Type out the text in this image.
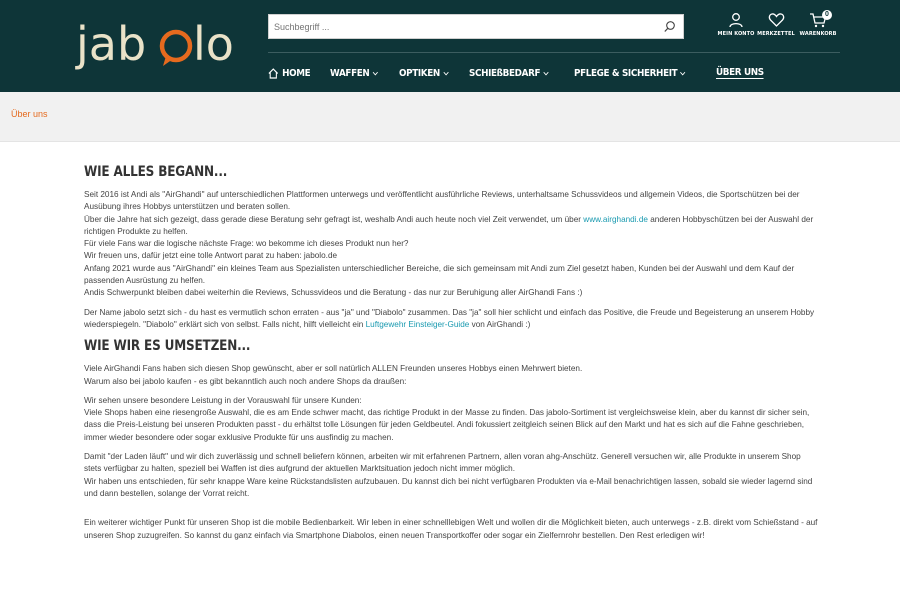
jab lo
Suchbegriff ...	MEIN KONTO MERKZETTEL
0
WARENKORB
HOME WAFFEN	OPTIKEN	SCHIEßBEDARF	PFLEGE & SICHERHEIT	ÜBER UNS
Über uns
WIE ALLES BEGANN...

Seit 2016 ist Andi als "AirGhandi" auf unterschiedlichen Plattformen unterwegs und veröffentlicht ausführliche Reviews, unterhaltsame Schussvideos und allgemein Videos, die Sportschützen bei der Ausübung ihres Hobbys unterstützen und beraten sollen.
Über die Jahre hat sich gezeigt, dass gerade diese Beratung sehr gefragt ist, weshalb Andi auch heute noch viel Zeit verwendet, um über www.airghandi.de anderen Hobbyschützen bei der Auswahl der richtigen Produkte zu helfen.
Für viele Fans war die logische nächste Frage: wo bekomme ich dieses Produkt nun her?
Wir freuen uns, dafür jetzt eine tolle Antwort parat zu haben: jabolo.de
Anfang 2021 wurde aus "AirGhandi" ein kleines Team aus Spezialisten unterschiedlicher Bereiche, die sich gemeinsam mit Andi zum Ziel gesetzt haben, Kunden bei der Auswahl und dem Kauf der passenden Ausrüstung zu helfen.
Andis Schwerpunkt bleiben dabei weiterhin die Reviews, Schussvideos und die Beratung - das nur zur Beruhigung aller AirGhandi Fans :)

Der Name jabolo setzt sich - du hast es vermutlich schon erraten - aus "ja" und "Diabolo" zusammen. Das "ja" soll hier schlicht und einfach das Positive, die Freude und Begeisterung an unserem Hobby wiederspiegeln. "Diabolo" erklärt sich von selbst. Falls nicht, hilft vielleicht ein Luftgewehr Einsteiger-Guide von AirGhandi :)

WIE WIR ES UMSETZEN...

Viele AirGhandi Fans haben sich diesen Shop gewünscht, aber er soll natürlich ALLEN Freunden unseres Hobbys einen Mehrwert bieten.
Warum also bei jabolo kaufen - es gibt bekanntlich auch noch andere Shops da draußen:

Wir sehen unsere besondere Leistung in der Vorauswahl für unsere Kunden:
Viele Shops haben eine riesengroße Auswahl, die es am Ende schwer macht, das richtige Produkt in der Masse zu finden. Das jabolo-Sortiment ist vergleichsweise klein, aber du kannst dir sicher sein, dass die Preis-Leistung bei unseren Produkten passt - du erhältst tolle Lösungen für jeden Geldbeutel. Andi fokussiert zeitgleich seinen Blick auf den Markt und hat es sich auf die Fahne geschrieben, immer wieder besondere oder sogar exklusive Produkte für uns ausfindig zu machen.

Damit "der Laden läuft" und wir dich zuverlässig und schnell beliefern können, arbeiten wir mit erfahrenen Partnern, allen voran ahg-Anschütz. Generell versuchen wir, alle Produkte in unserem Shop stets verfügbar zu halten, speziell bei Waffen ist dies aufgrund der aktuellen Marktsituation jedoch nicht immer möglich.
Wir haben uns entschieden, für sehr knappe Ware keine Rückstandslisten aufzubauen. Du kannst dich bei nicht verfügbaren Produkten via e-Mail benachrichtigen lassen, sobald sie wieder lagernd sind und dann bestellen, solange der Vorrat reicht.

Ein weiterer wichtiger Punkt für unseren Shop ist die mobile Bedienbarkeit. Wir leben in einer schnelllebigen Welt und wollen dir die Möglichkeit bieten, auch unterwegs - z.B. direkt vom Schießstand - auf unseren Shop zuzugreifen. So kannst du ganz einfach via Smartphone Diabolos, einen neuen Transportkoffer oder sogar ein Zielfernrohr bestellen. Den Rest erledigen wir!
